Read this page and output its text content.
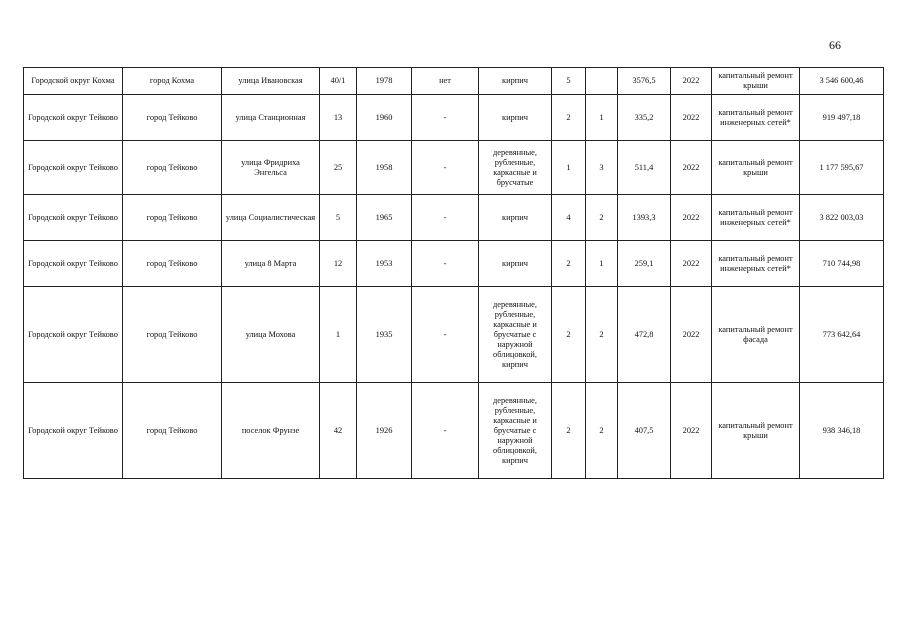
66
Городской округ Кохма	город Кохма	улица Ивановская	40/1	1978	нет	кирпич	5		3576,5	2022	капитальный ремонт крыши	3 546 600,46
Городской округ Тейково	город Тейково	улица Станционная	13	1960	-	кирпич	2	1	335,2	2022	капитальный ремонт инженерных сетей*	919 497,18
Городской округ Тейково	город Тейково	улица Фридриха Энгельса	25	1958	-	деревянные, рубленные, каркасные и брусчатые	1	3	511,4	2022	капитальный ремонт крыши	1 177 595,67
Городской округ Тейково	город Тейково	улица Социалистическая	5	1965	-	кирпич	4	2	1393,3	2022	капитальный ремонт инженерных сетей*	3 822 003,03
Городской округ Тейково	город Тейково	улица 8 Марта	12	1953	-	кирпич	2	1	259,1	2022	капитальный ремонт инженерных сетей*	710 744,98
Городской округ Тейково	город Тейково	улица Мохова	1	1935	-	деревянные, рубленные, каркасные и брусчатые с наружной облицовкой, кирпич	2	2	472,8	2022	капитальный ремонт фасада	773 642,64
Городской округ Тейково	город Тейково	поселок Фрунзе	42	1926	-	деревянные, рубленные, каркасные и брусчатые с наружной облицовкой, кирпич	2	2	407,5	2022	капитальный ремонт крыши	938 346,18
